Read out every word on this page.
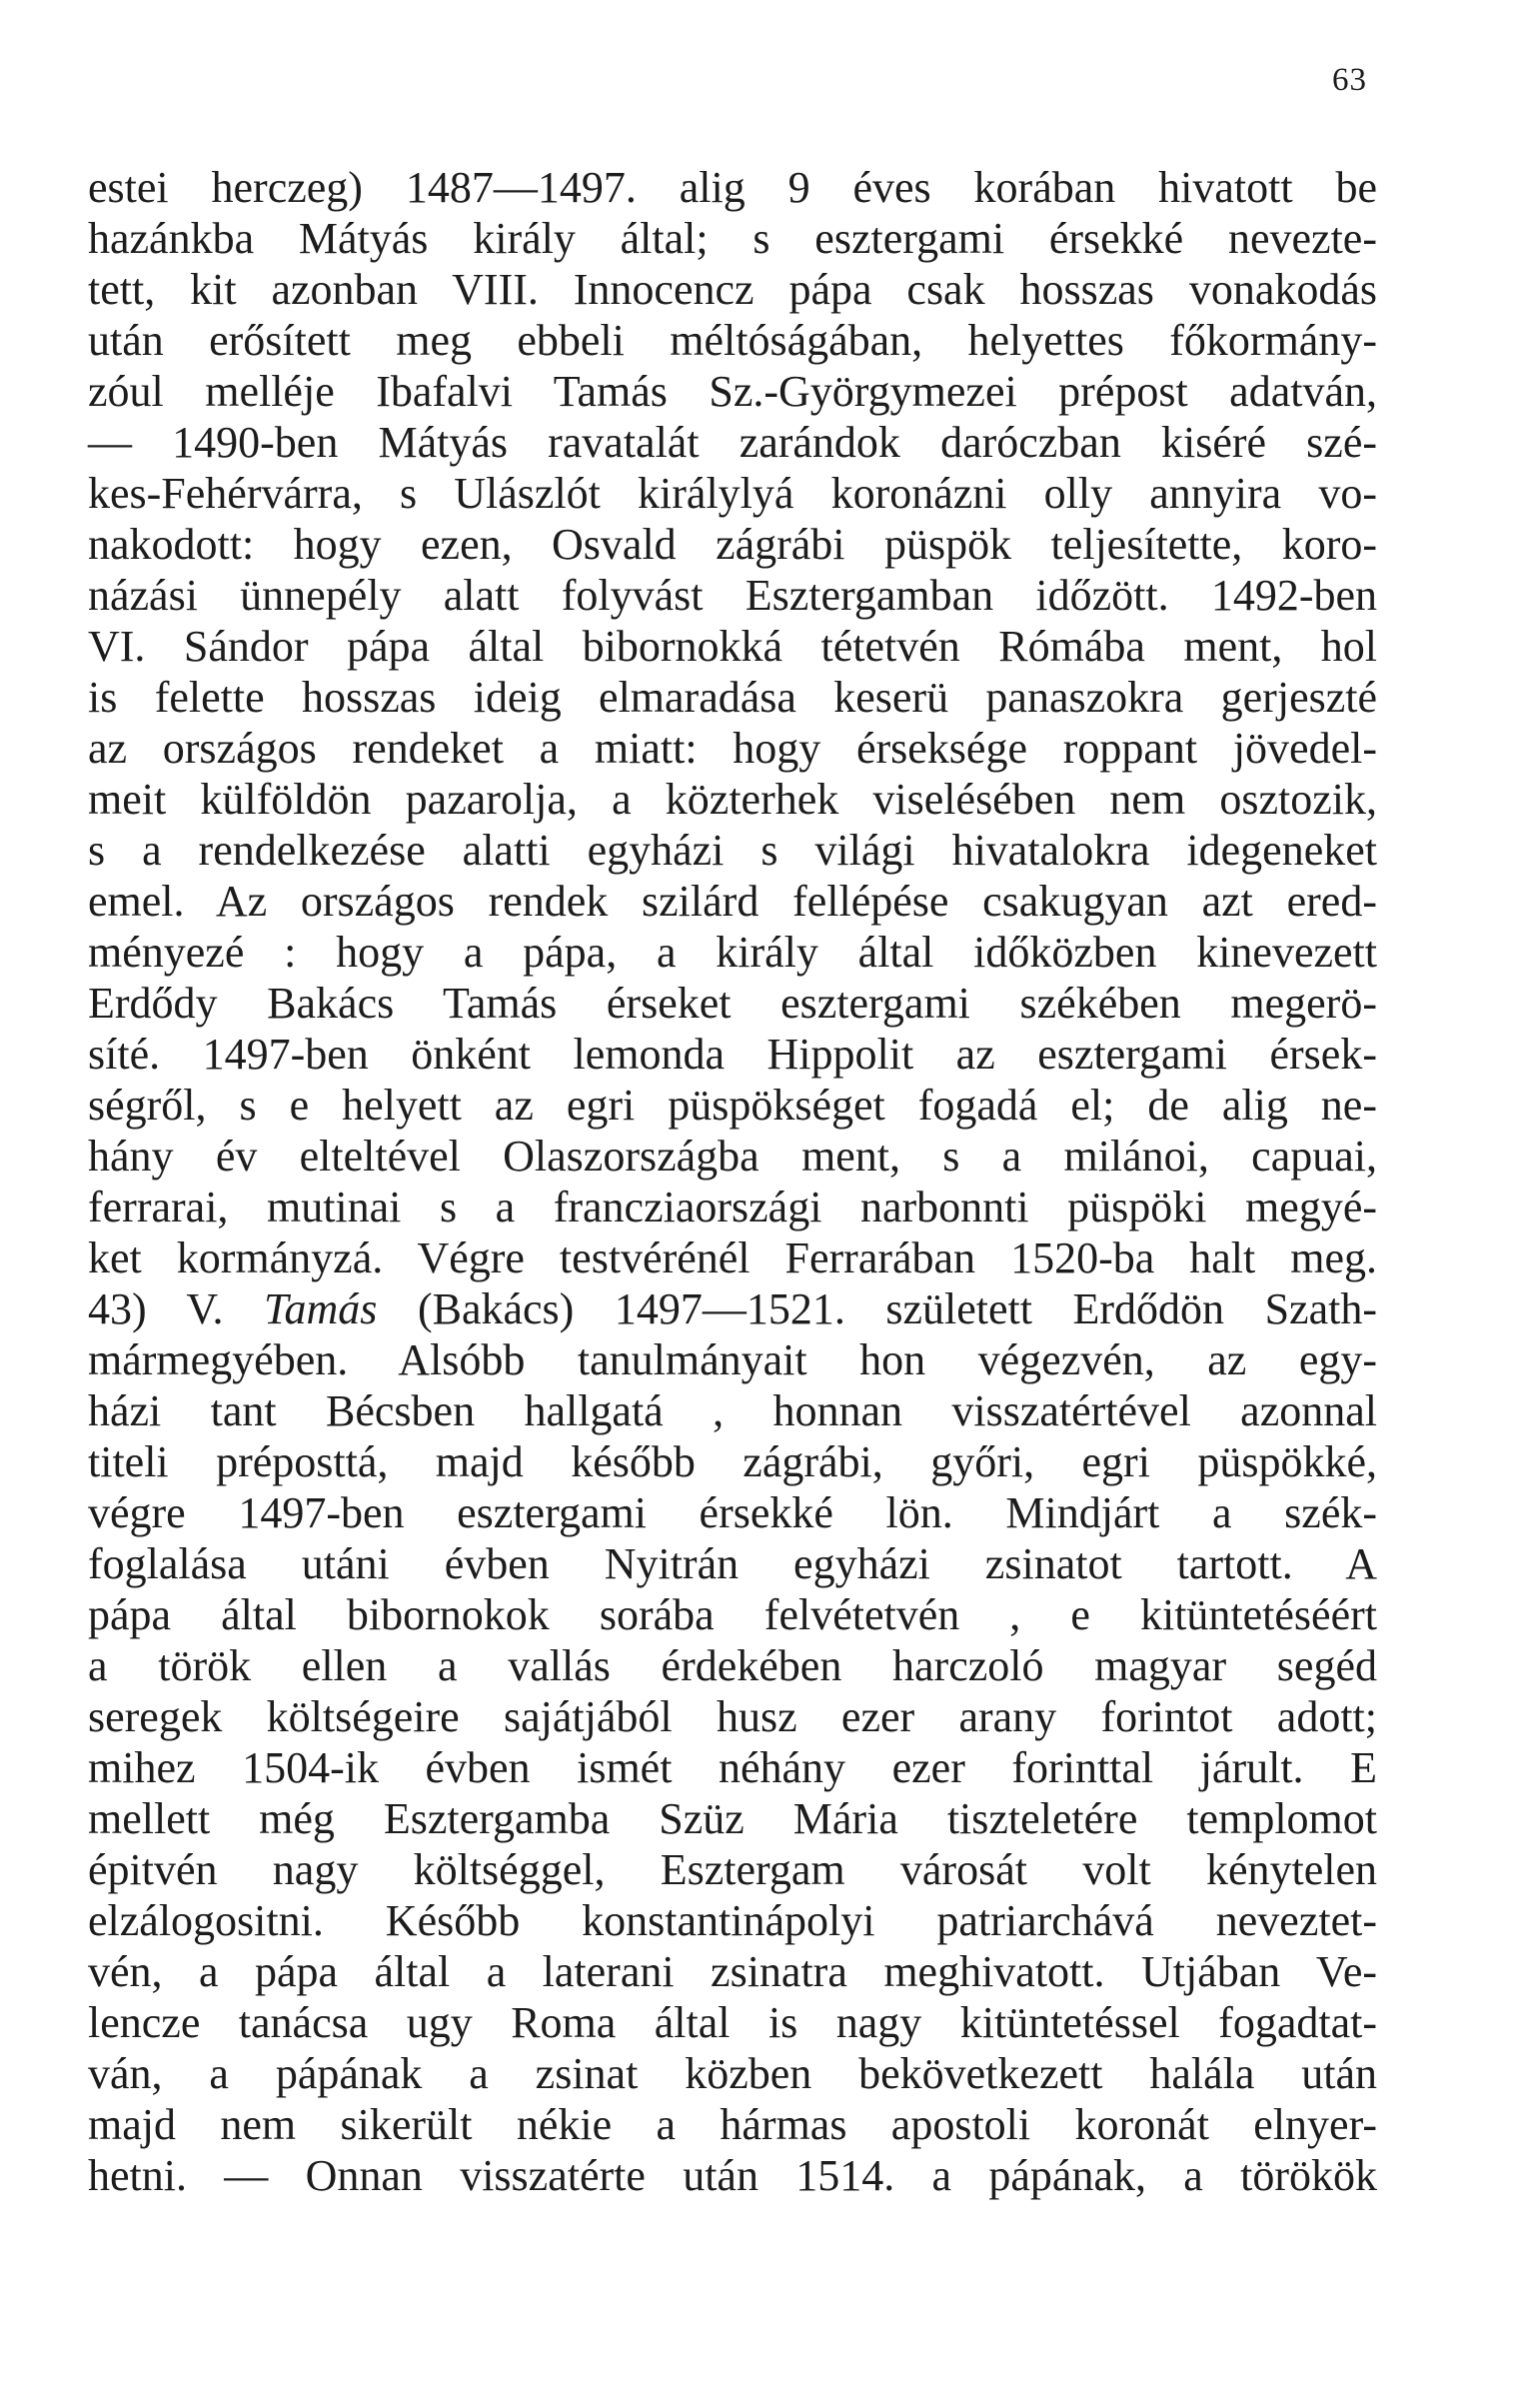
63
estei herczeg) 1487—1497. alig 9 éves korában hivatott be
hazánkba Mátyás király által; s esztergami érsekké nevezte-
tett, kit azonban VIII. Innocencz pápa csak hosszas vonakodás
után erősített meg ebbeli méltóságában, helyettes főkormány-
zóul melléje Ibafalvi Tamás Sz.-Györgymezei prépost adatván,
— 1490-ben Mátyás ravatalát zarándok daróczban kiséré szé-
kes-Fehérvárra, s Ulászlót királylyá koronázni olly annyira vo-
nakodott: hogy ezen, Osvald zágrábi püspök teljesítette, koro-
názási ünnepély alatt folyvást Esztergamban időzött. 1492-ben
VI. Sándor pápa által bibornokká tétetvén Rómába ment, hol
is felette hosszas ideig elmaradása keserü panaszokra gerjeszté
az országos rendeket a miatt: hogy érseksége roppant jövedel-
meit külföldön pazarolja, a közterhek viselésében nem osztozik,
s a rendelkezése alatti egyházi s világi hivatalokra idegeneket
emel. Az országos rendek szilárd fellépése csakugyan azt ered-
ményezé : hogy a pápa, a király által időközben kinevezett
Erdődy Bakács Tamás érseket esztergami székében megerö-
síté. 1497-ben önként lemonda Hippolit az esztergami érsek-
ségről, s e helyett az egri püspökséget fogadá el; de alig ne-
hány év elteltével Olaszországba ment, s a milánoi, capuai,
ferrarai, mutinai s a francziaországi narbonnti püspöki megyé-
ket kormányzá. Végre testvérénél Ferrarában 1520-ba halt meg.
43) V. Tamás (Bakács) 1497—1521. született Erdődön Szath-
mármegyében. Alsóbb tanulmányait hon végezvén, az egy-
házi tant Bécsben hallgatá , honnan visszatértével azonnal
titeli préposttá, majd később zágrábi, győri, egri püspökké,
végre 1497-ben esztergami érsekké lön. Mindjárt a szék-
foglalása utáni évben Nyitrán egyházi zsinatot tartott. A
pápa által bibornokok sorába felvétetvén , e kitüntetéséért
a török ellen a vallás érdekében harczoló magyar segéd
seregek költségeire sajátjából husz ezer arany forintot adott;
mihez 1504-ik évben ismét néhány ezer forinttal járult. E
mellett még Esztergamba Szüz Mária tiszteletére templomot
épitvén nagy költséggel, Esztergam városát volt kénytelen
elzálogositni. Később konstantinápolyi patriarchává neveztet-
vén, a pápa által a laterani zsinatra meghivatott. Utjában Ve-
lencze tanácsa ugy Roma által is nagy kitüntetéssel fogadtat-
ván, a pápának a zsinat közben bekövetkezett halála után
majd nem sikerült nékie a hármas apostoli koronát elnyer-
hetni. — Onnan visszatérte után 1514. a pápának, a törökök
